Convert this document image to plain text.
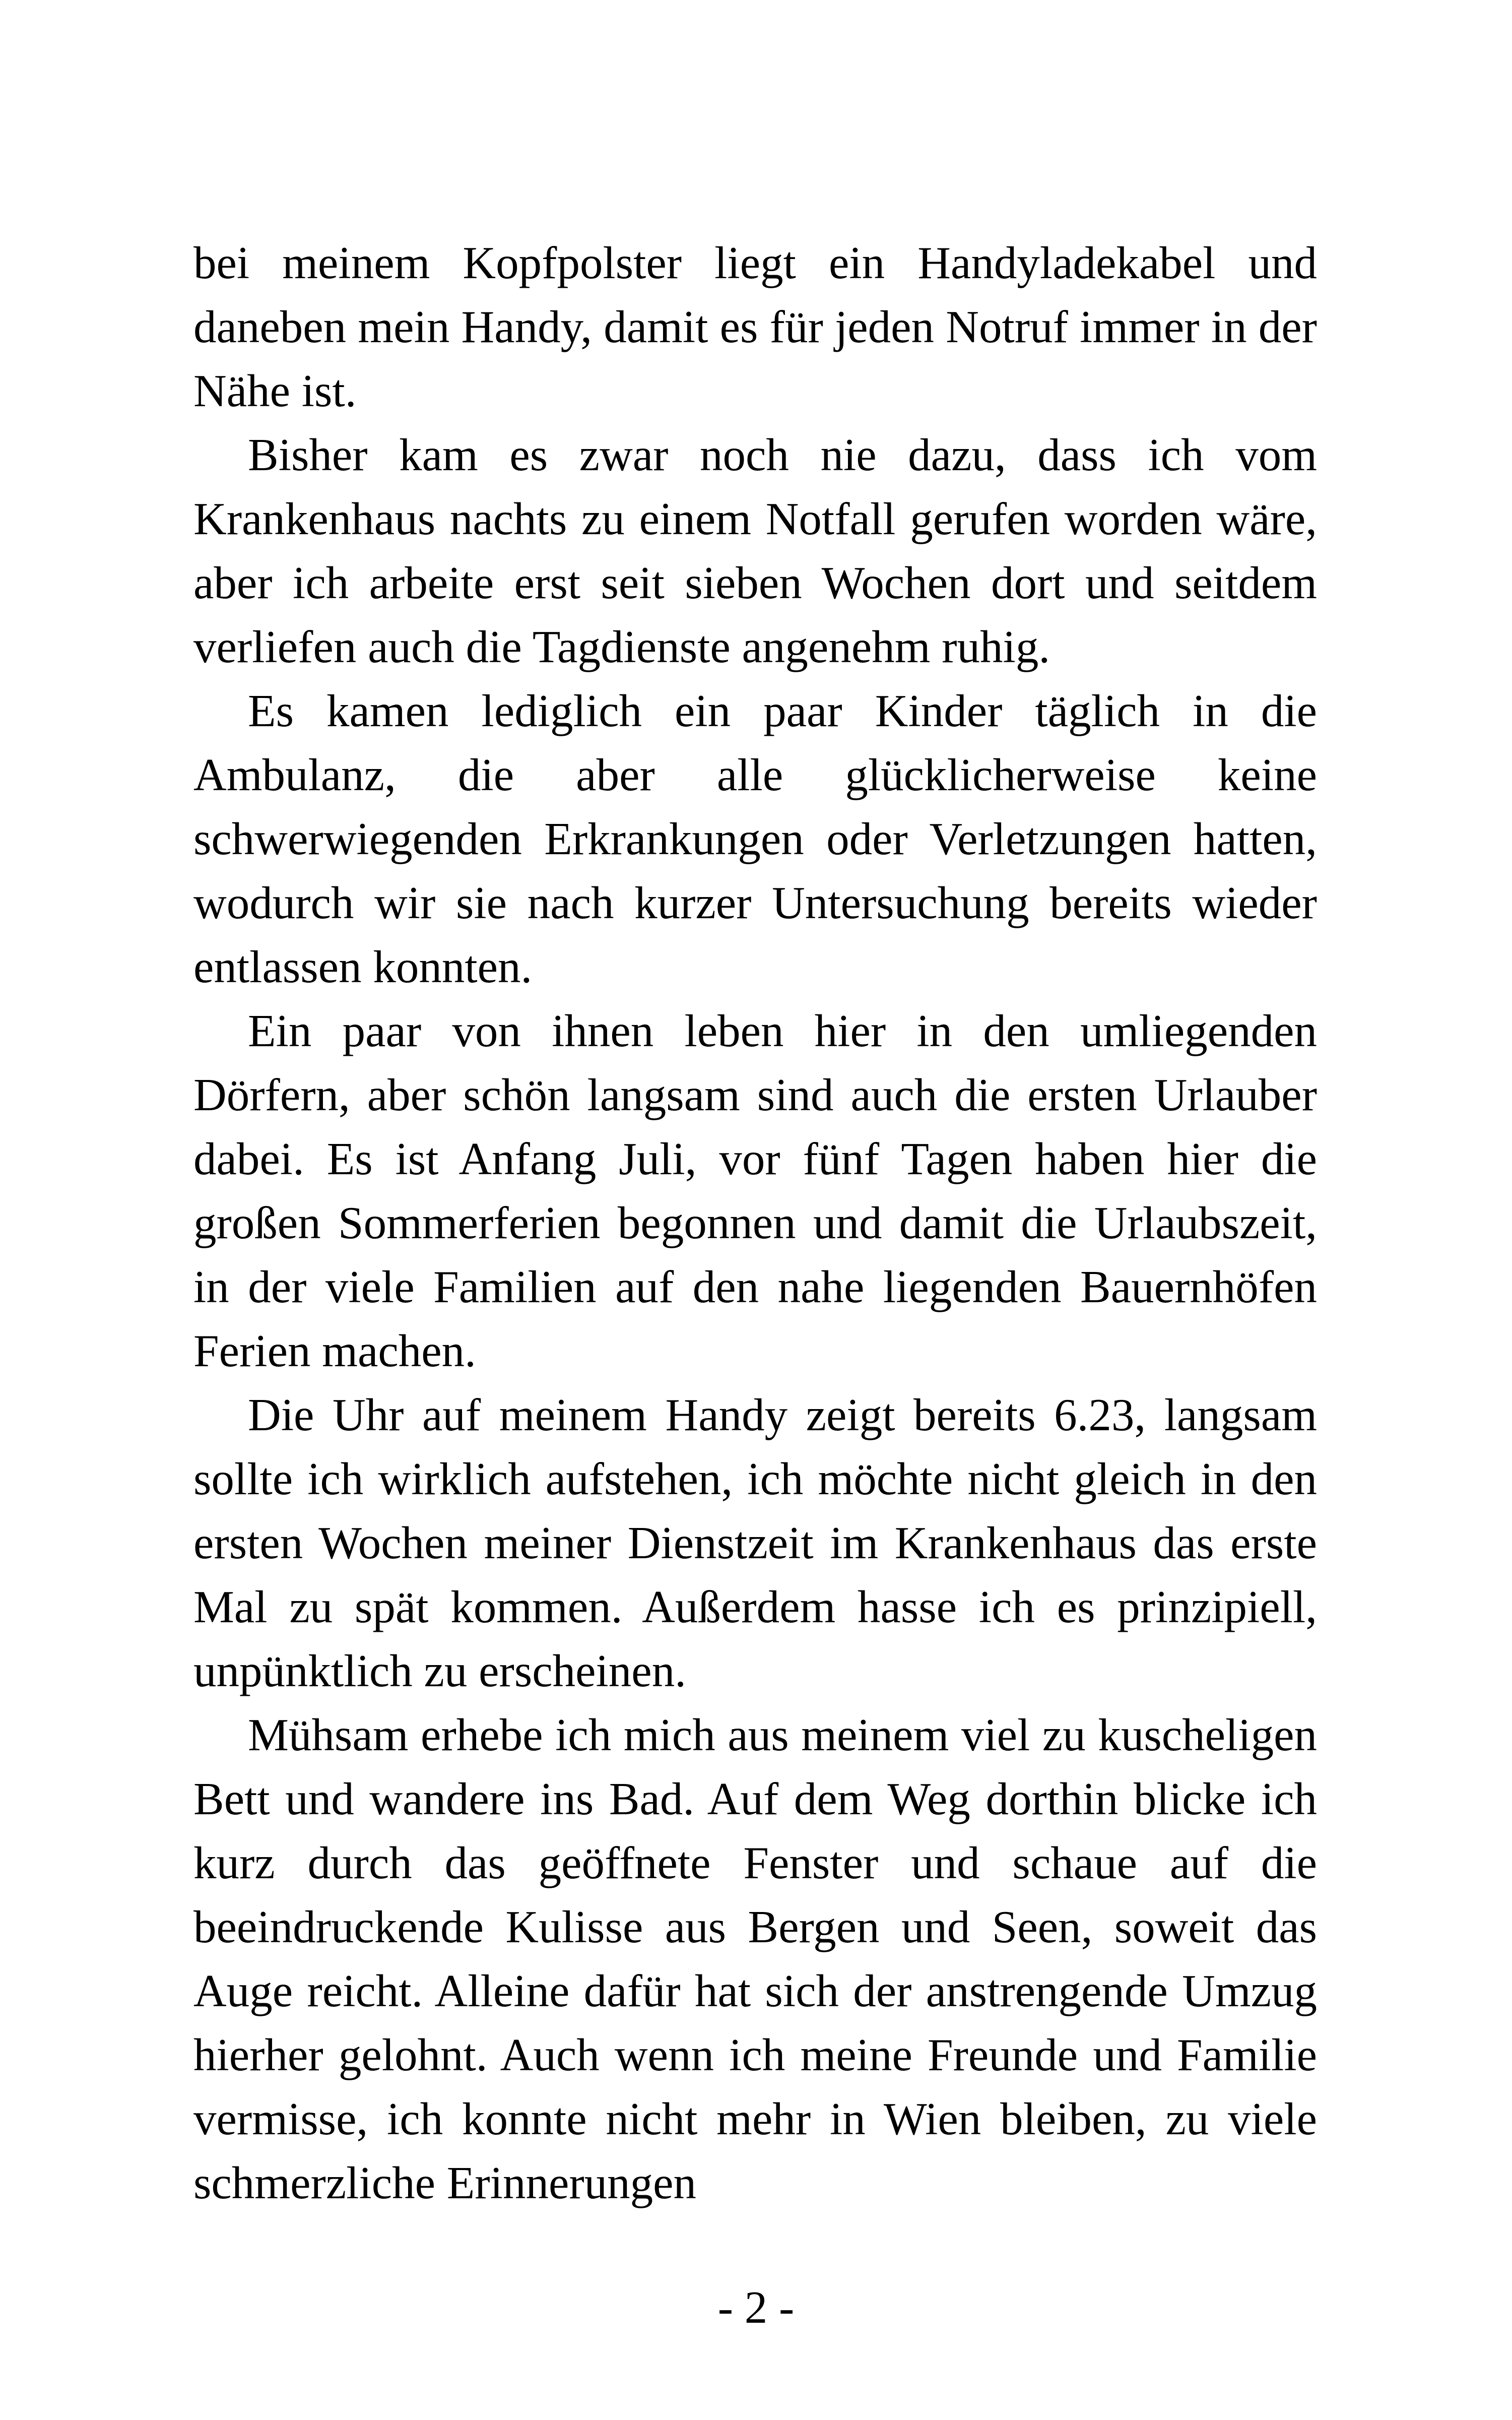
bei meinem Kopfpolster liegt ein Handyladekabel und daneben mein Handy, damit es für jeden Notruf immer in der Nähe ist.

Bisher kam es zwar noch nie dazu, dass ich vom Krankenhaus nachts zu einem Notfall gerufen worden wäre, aber ich arbeite erst seit sieben Wochen dort und seitdem verliefen auch die Tagdienste angenehm ruhig.

Es kamen lediglich ein paar Kinder täglich in die Ambulanz, die aber alle glücklicherweise keine schwerwiegenden Erkrankungen oder Verletzungen hatten, wodurch wir sie nach kurzer Untersuchung bereits wieder entlassen konnten.

Ein paar von ihnen leben hier in den umliegenden Dörfern, aber schön langsam sind auch die ersten Urlauber dabei. Es ist Anfang Juli, vor fünf Tagen haben hier die großen Sommerferien begonnen und damit die Urlaubszeit, in der viele Familien auf den nahe liegenden Bauernhöfen Ferien machen.

Die Uhr auf meinem Handy zeigt bereits 6.23, langsam sollte ich wirklich aufstehen, ich möchte nicht gleich in den ersten Wochen meiner Dienstzeit im Krankenhaus das erste Mal zu spät kommen. Außerdem hasse ich es prinzipiell, unpünktlich zu erscheinen.

Mühsam erhebe ich mich aus meinem viel zu kuscheligen Bett und wandere ins Bad. Auf dem Weg dorthin blicke ich kurz durch das geöffnete Fenster und schaue auf die beeindruckende Kulisse aus Bergen und Seen, soweit das Auge reicht. Alleine dafür hat sich der anstrengende Umzug hierher gelohnt. Auch wenn ich meine Freunde und Familie vermisse, ich konnte nicht mehr in Wien bleiben, zu viele schmerzliche Erinnerungen

- 2 -
